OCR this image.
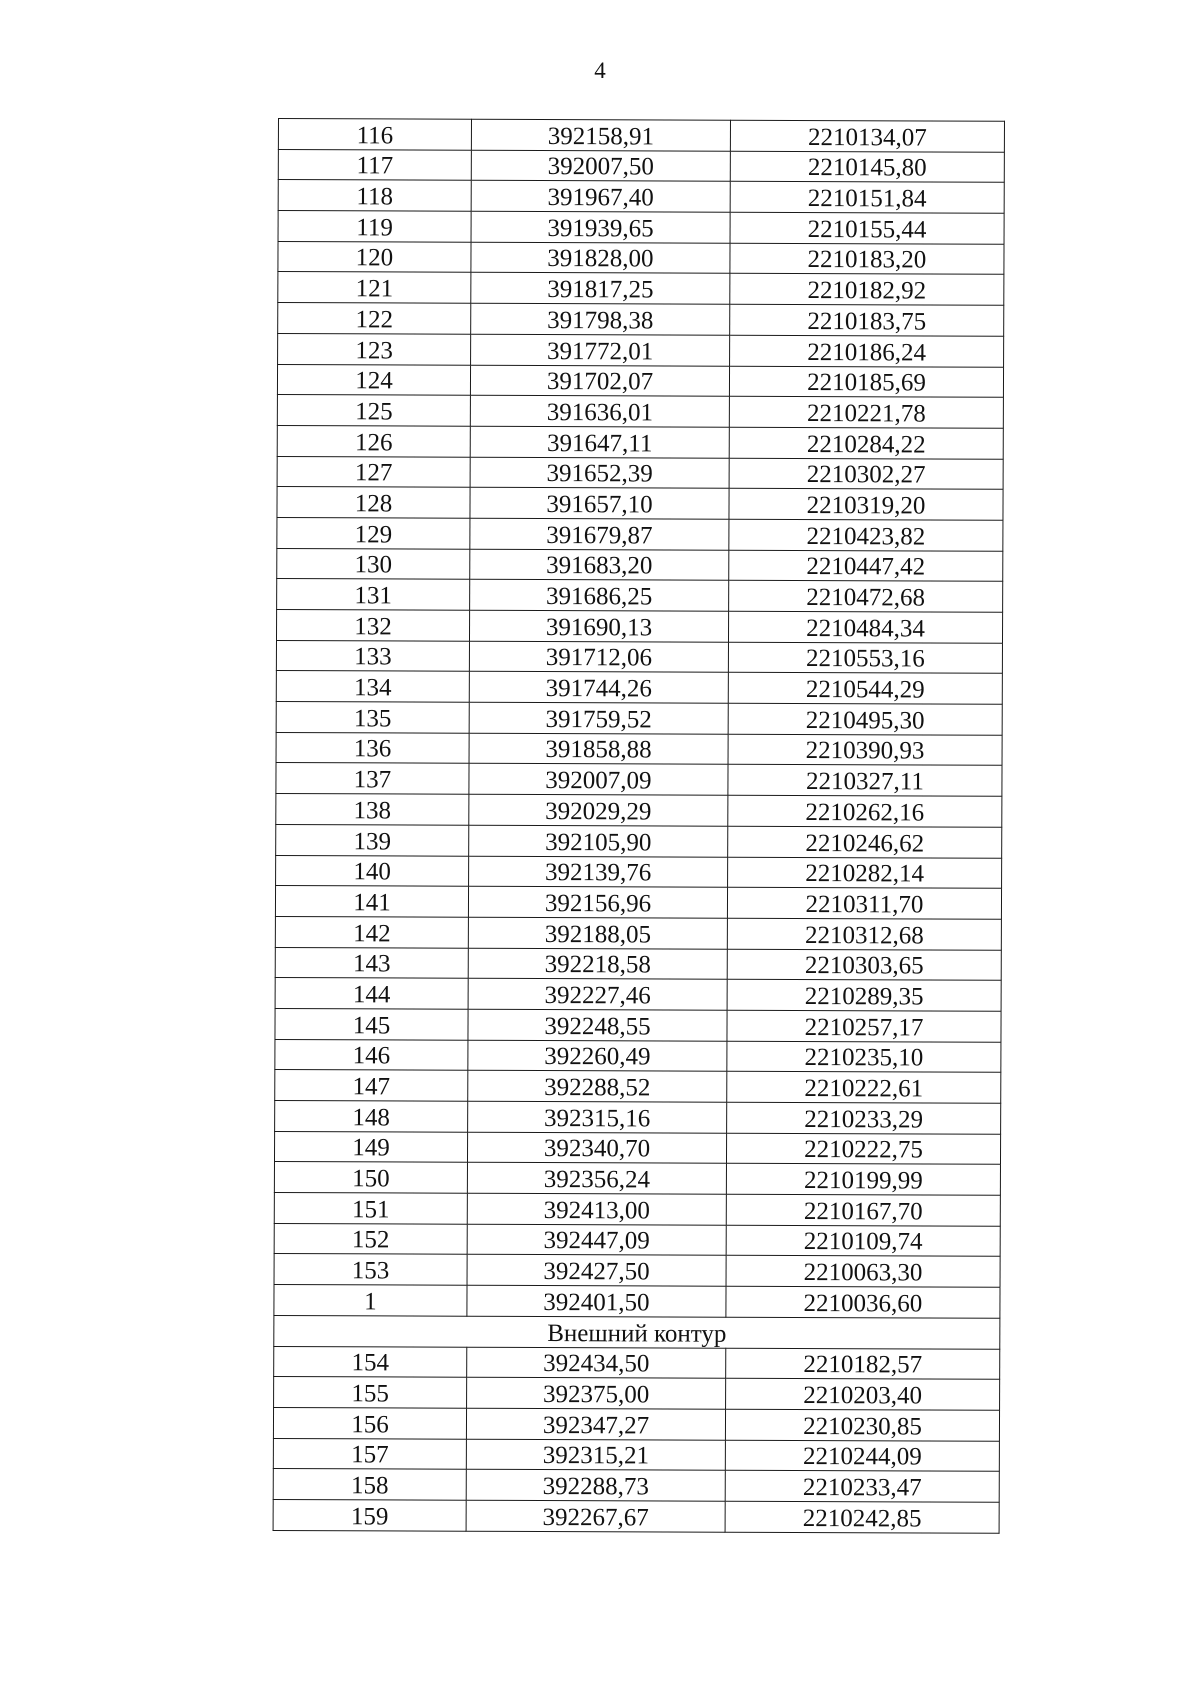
4
116	392158,91	2210134,07
117	392007,50	2210145,80
118	391967,40	2210151,84
119	391939,65	2210155,44
120	391828,00	2210183,20
121	391817,25	2210182,92
122	391798,38	2210183,75
123	391772,01	2210186,24
124	391702,07	2210185,69
125	391636,01	2210221,78
126	391647,11	2210284,22
127	391652,39	2210302,27
128	391657,10	2210319,20
129	391679,87	2210423,82
130	391683,20	2210447,42
131	391686,25	2210472,68
132	391690,13	2210484,34
133	391712,06	2210553,16
134	391744,26	2210544,29
135	391759,52	2210495,30
136	391858,88	2210390,93
137	392007,09	2210327,11
138	392029,29	2210262,16
139	392105,90	2210246,62
140	392139,76	2210282,14
141	392156,96	2210311,70
142	392188,05	2210312,68
143	392218,58	2210303,65
144	392227,46	2210289,35
145	392248,55	2210257,17
146	392260,49	2210235,10
147	392288,52	2210222,61
148	392315,16	2210233,29
149	392340,70	2210222,75
150	392356,24	2210199,99
151	392413,00	2210167,70
152	392447,09	2210109,74
153	392427,50	2210063,30
1	392401,50	2210036,60
Внешний контур		
154	392434,50	2210182,57
155	392375,00	2210203,40
156	392347,27	2210230,85
157	392315,21	2210244,09
158	392288,73	2210233,47
159	392267,67	2210242,85
